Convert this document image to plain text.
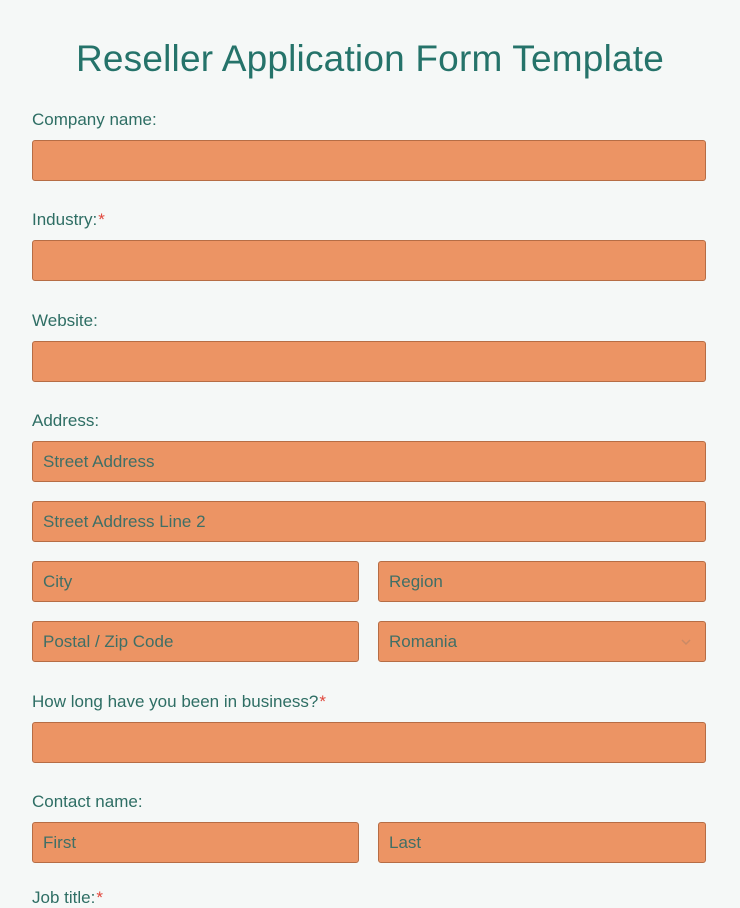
Reseller Application Form Template
Company name:
Industry:*
Website:
Address:
Street Address
Street Address Line 2
City
Region
Postal / Zip Code
Romania
How long have you been in business?*
Contact name:
First
Last
Job title:*
